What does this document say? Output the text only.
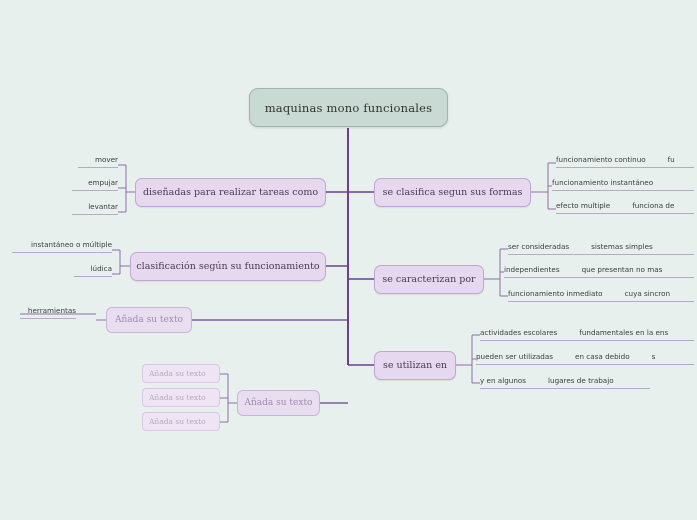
maquinas mono funcionales
se clasifica segun sus formas
funcionamiento continuo	fu
funcionamiento instantáneo
efecto multiple	funciona de
se caracterizan por
ser consideradas	sistemas simples
independientes	que presentan no mas
funcionamiento inmediato	cuya sincron
se utilizan en
actividades escolares	fundamentales en la ens
pueden ser utilizadas	en casa debido	s
y en algunos	lugares de trabajo
diseñadas para realizar tareas como
mover
empujar
levantar
clasificación según su funcionamiento
instantáneo o múltiple
lúdica
Añada su texto
herramientas
Añada su texto
Añada su texto
Añada su texto
Añada su texto
